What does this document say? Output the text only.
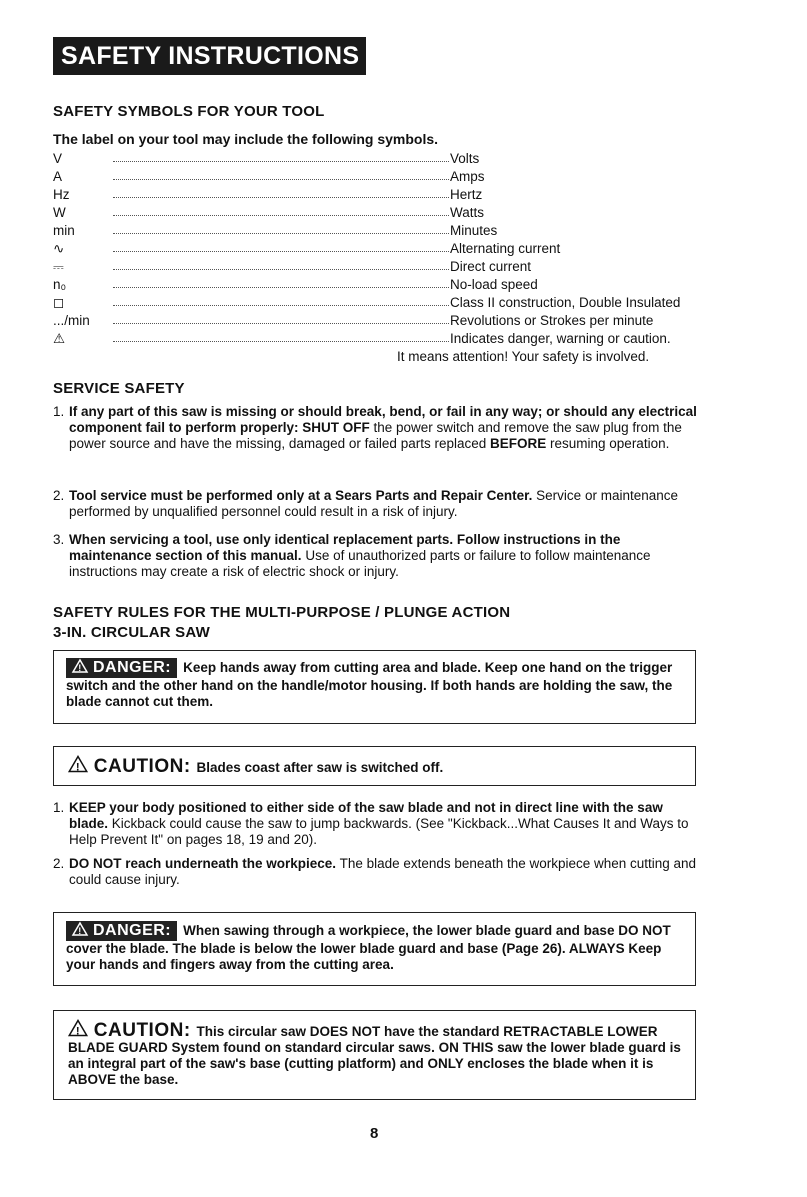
SAFETY INSTRUCTIONS cont.
SAFETY SYMBOLS FOR YOUR TOOL
The label on your tool may include the following symbols.
V	Volts
A	Amps
Hz	Hertz
W	Watts
min	Minutes
∿	Alternating current
⎓	Direct current
n₀	No-load speed
◻	Class II construction, Double Insulated
.../min	Revolutions or Strokes per minute
⚠	Indicates danger, warning or caution.
It means attention! Your safety is involved.
SERVICE SAFETY
1. If any part of this saw is missing or should break, bend, or fail in any way; or should any electrical component fail to perform properly: SHUT OFF the power switch and remove the saw plug from the power source and have the missing, damaged or failed parts replaced BEFORE resuming operation.
2. Tool service must be performed only at a Sears Parts and Repair Center. Service or maintenance performed by unqualified personnel could result in a risk of injury.
3. When servicing a tool, use only identical replacement parts. Follow instructions in the maintenance section of this manual. Use of unauthorized parts or failure to follow maintenance instructions may create a risk of electric shock or injury.
SAFETY RULES FOR THE MULTI-PURPOSE / PLUNGE ACTION
3-IN. CIRCULAR SAW
! DANGER: Keep hands away from cutting area and blade. Keep one hand on the trigger switch and the other hand on the handle/motor housing. If both hands are holding the saw, the blade cannot cut them.
! CAUTION: Blades coast after saw is switched off.
1. KEEP your body positioned to either side of the saw blade and not in direct line with the saw blade. Kickback could cause the saw to jump backwards. (See "Kickback...What Causes It and Ways to Help Prevent It" on pages 18, 19 and 20).
2. DO NOT reach underneath the workpiece. The blade extends beneath the workpiece when cutting and could cause injury.
! DANGER: When sawing through a workpiece, the lower blade guard and base DO NOT cover the blade. The blade is below the lower blade guard and base (Page 26). ALWAYS Keep your hands and fingers away from the cutting area.
! CAUTION: This circular saw DOES NOT have the standard RETRACTABLE LOWER BLADE GUARD System found on standard circular saws. ON THIS saw the lower blade guard is an integral part of the saw's base (cutting platform) and ONLY encloses the blade when it is ABOVE the base.
8
